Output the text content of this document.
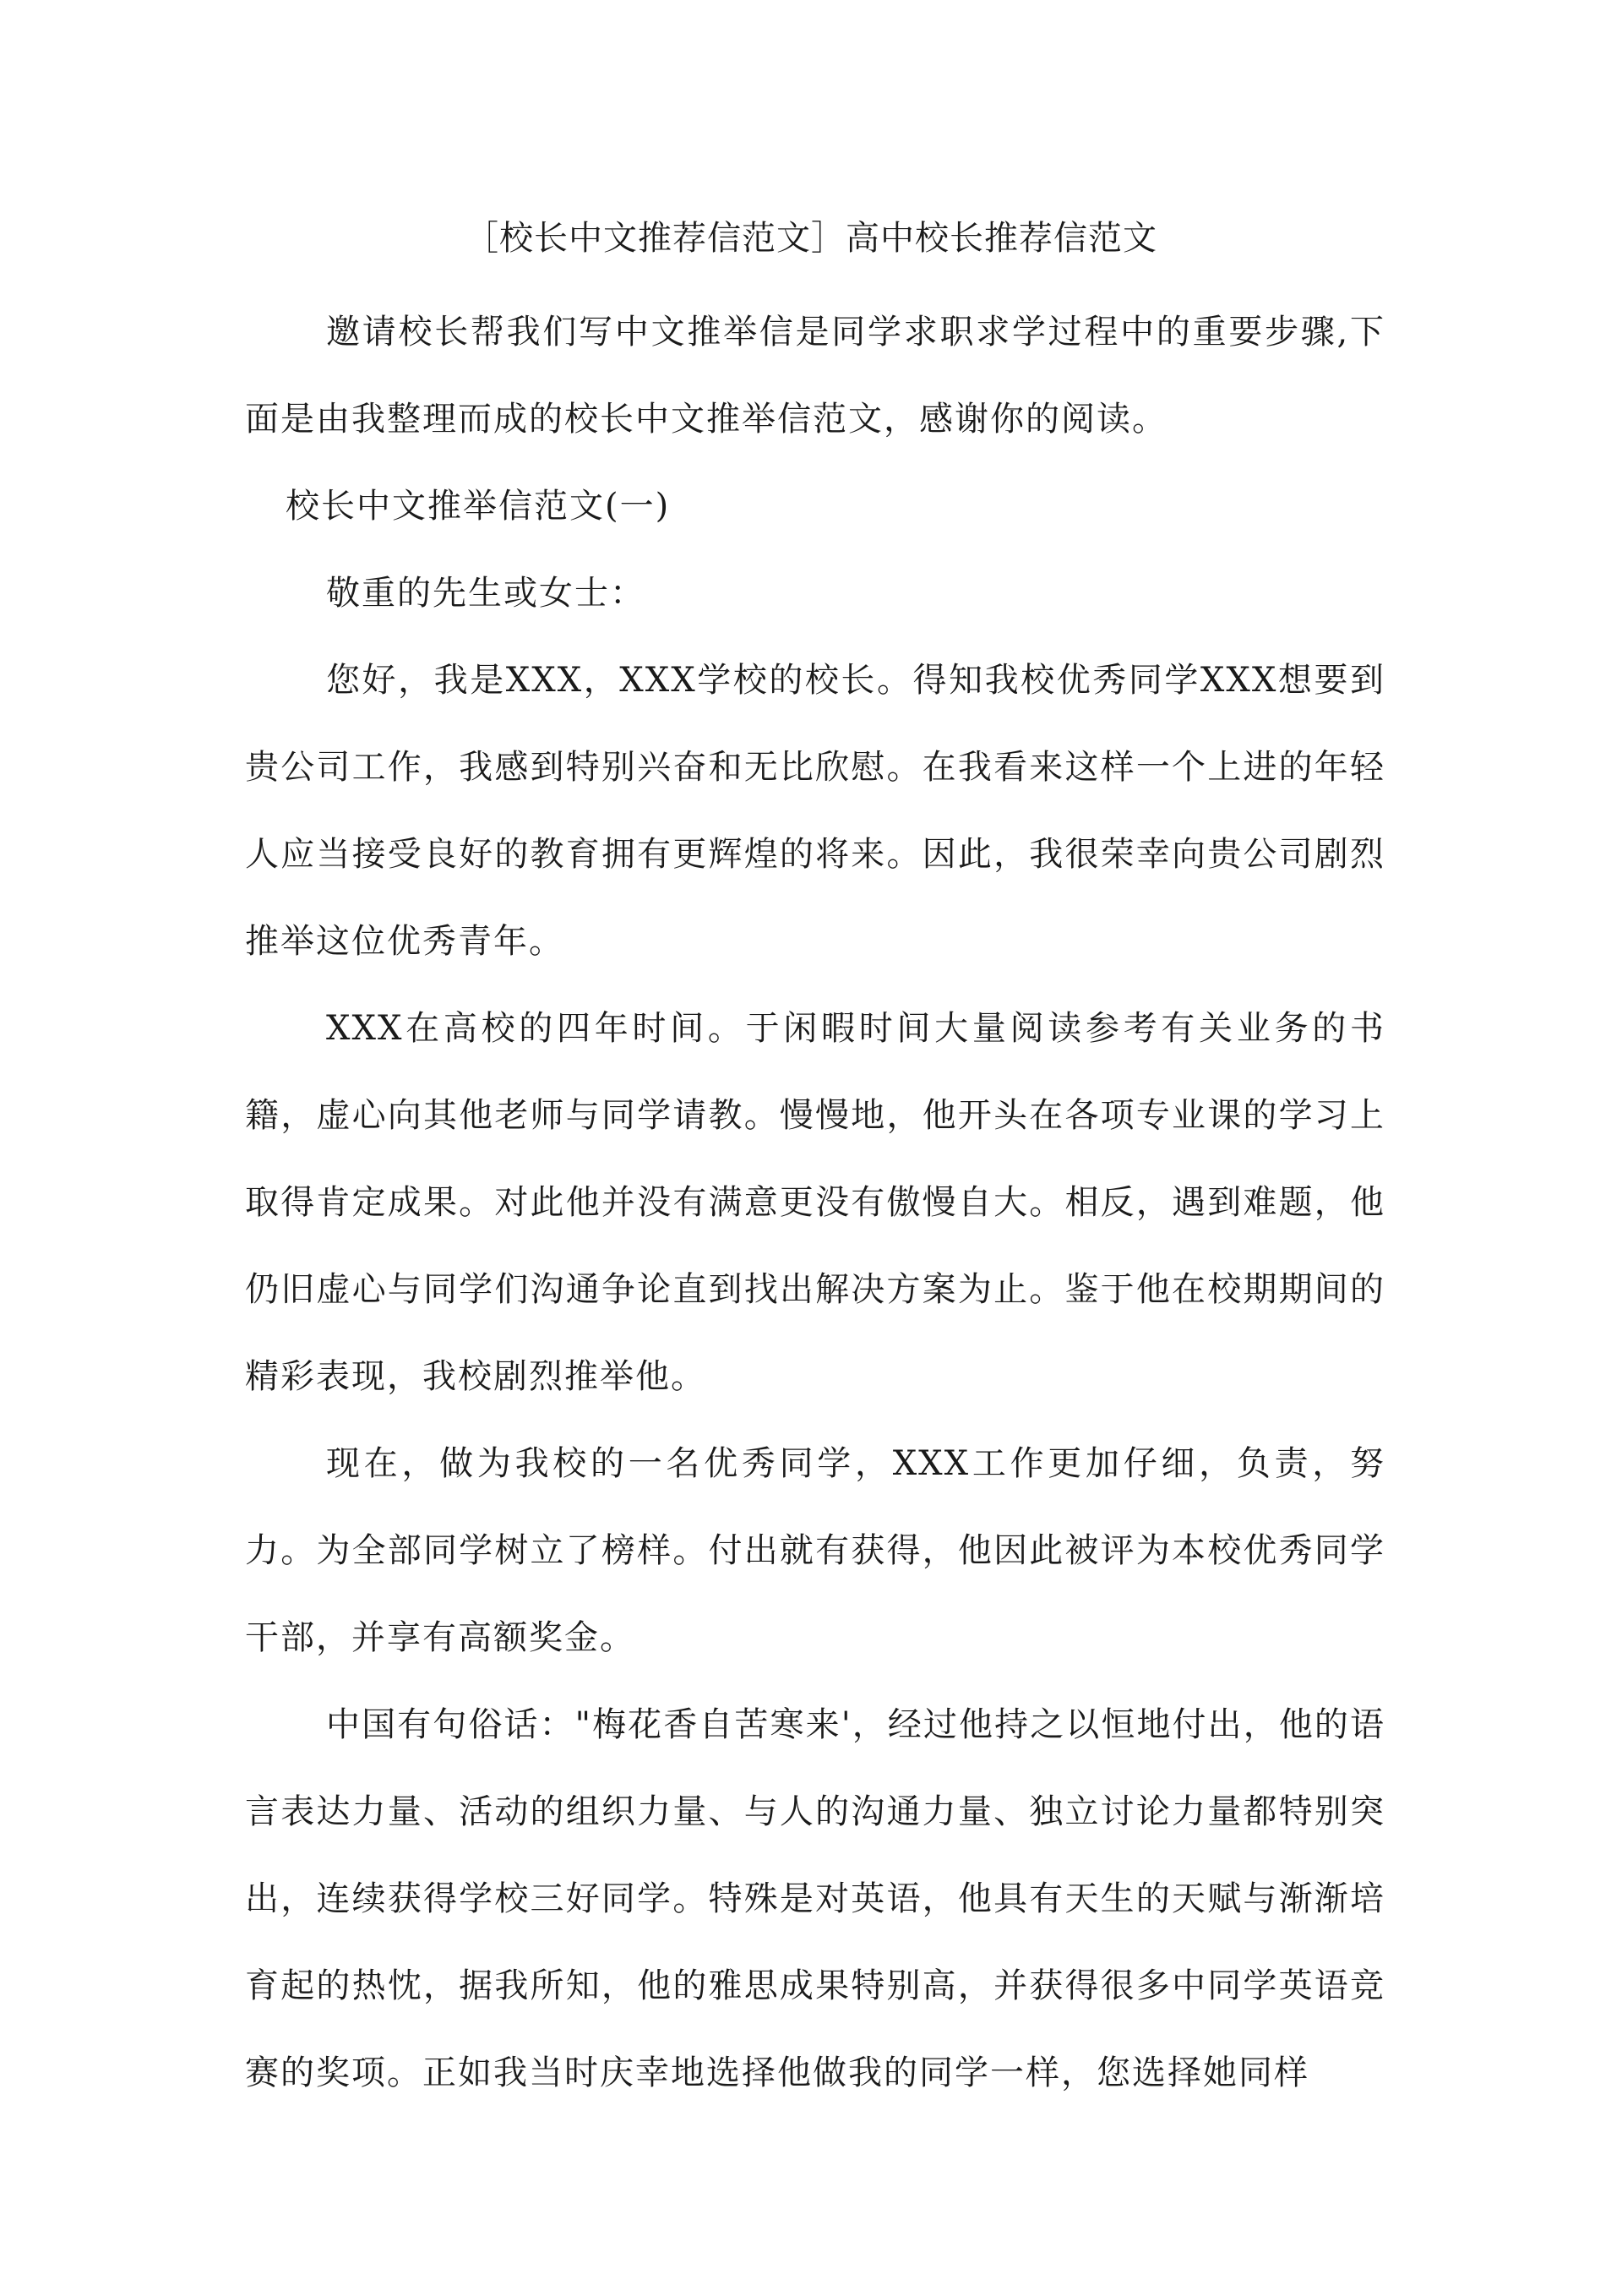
［校长中文推荐信范文］高中校长推荐信范文

邀请校长帮我们写中文推举信是同学求职求学过程中的重要步骤,下面是由我整理而成的校长中文推举信范文，感谢你的阅读。

校长中文推举信范文(一)

敬重的先生或女士：

您好，我是XXX，XXX学校的校长。得知我校优秀同学XXX想要到贵公司工作，我感到特别兴奋和无比欣慰。在我看来这样一个上进的年轻人应当接受良好的教育拥有更辉煌的将来。因此，我很荣幸向贵公司剧烈推举这位优秀青年。

XXX在高校的四年时间。于闲暇时间大量阅读参考有关业务的书籍，虚心向其他老师与同学请教。慢慢地，他开头在各项专业课的学习上取得肯定成果。对此他并没有满意更没有傲慢自大。相反，遇到难题，他仍旧虚心与同学们沟通争论直到找出解决方案为止。鉴于他在校期期间的精彩表现，我校剧烈推举他。

现在，做为我校的一名优秀同学，XXX工作更加仔细，负责，努力。为全部同学树立了榜样。付出就有获得，他因此被评为本校优秀同学干部，并享有高额奖金。

中国有句俗话："梅花香自苦寒来'，经过他持之以恒地付出，他的语言表达力量、活动的组织力量、与人的沟通力量、独立讨论力量都特别突出，连续获得学校三好同学。特殊是对英语，他具有天生的天赋与渐渐培育起的热忱，据我所知，他的雅思成果特别高，并获得很多中同学英语竞赛的奖项。正如我当时庆幸地选择他做我的同学一样，您选择她同样
